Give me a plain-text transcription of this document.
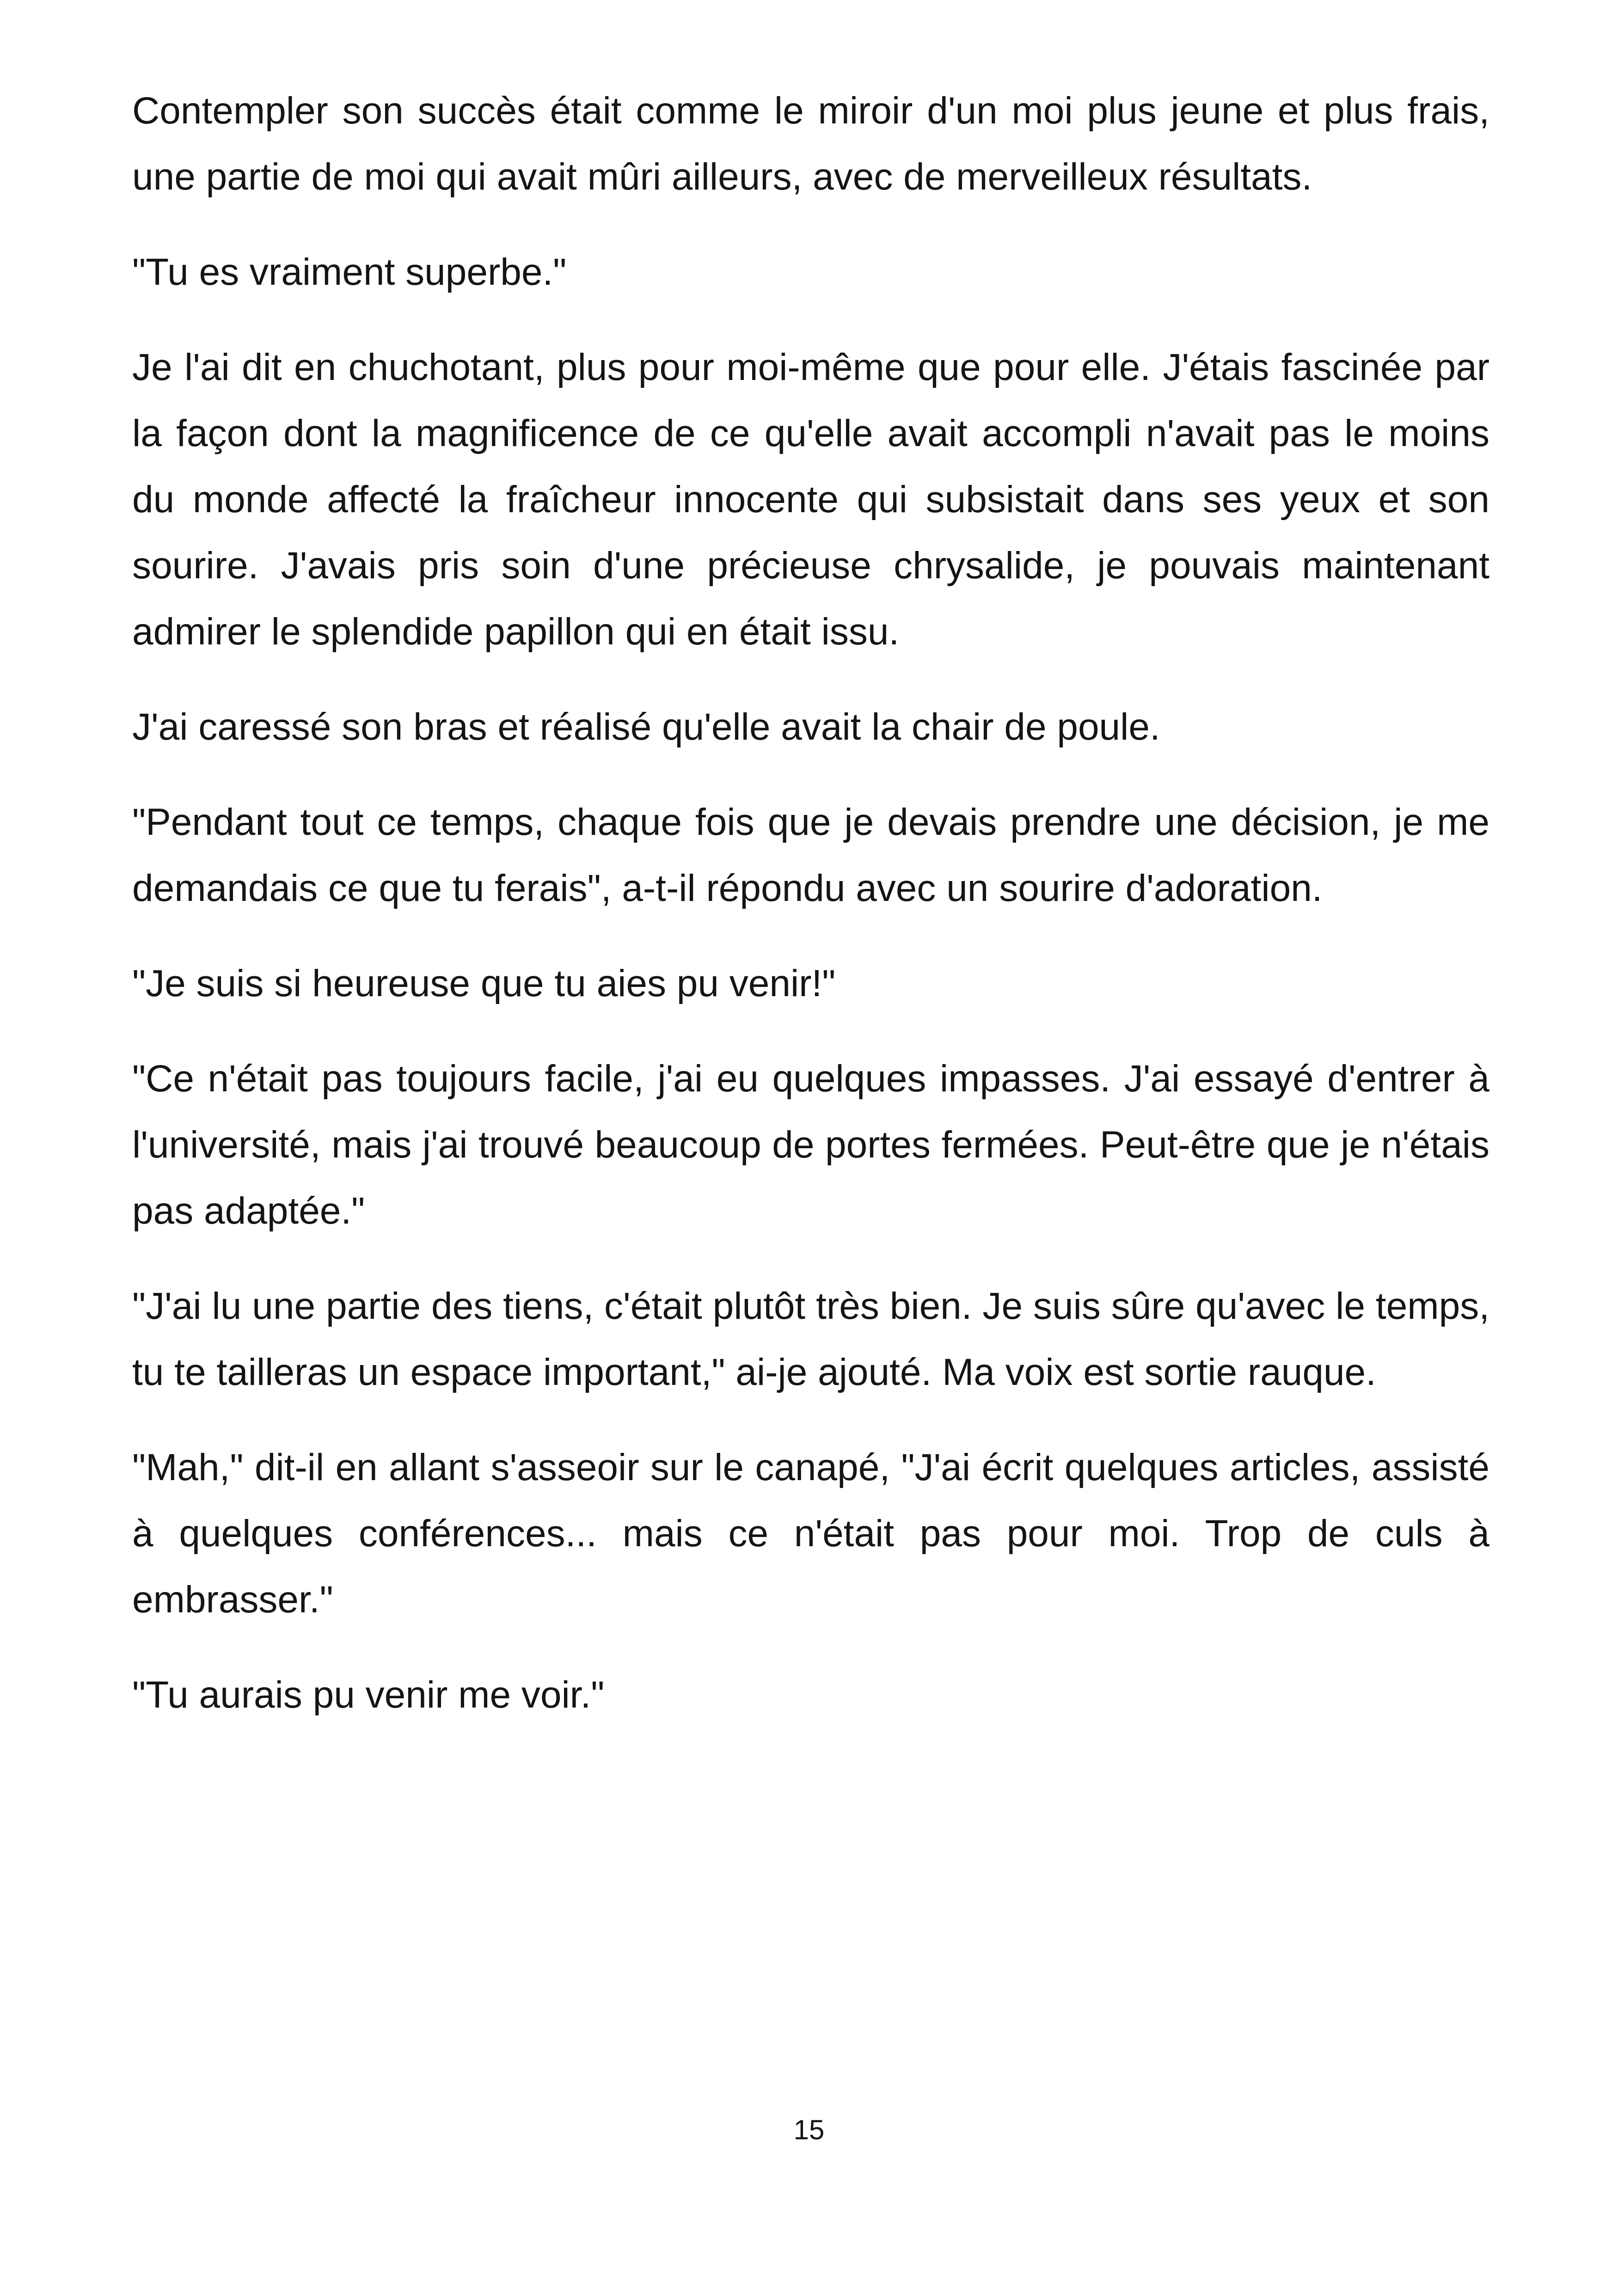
Contempler son succès était comme le miroir d'un moi plus jeune et plus frais, une partie de moi qui avait mûri ailleurs, avec de merveilleux résultats.

"Tu es vraiment superbe."

Je l'ai dit en chuchotant, plus pour moi-même que pour elle. J'étais fascinée par la façon dont la magnificence de ce qu'elle avait accompli n'avait pas le moins du monde affecté la fraîcheur innocente qui subsistait dans ses yeux et son sourire. J'avais pris soin d'une précieuse chrysalide, je pouvais maintenant admirer le splendide papillon qui en était issu.

J'ai caressé son bras et réalisé qu'elle avait la chair de poule.

"Pendant tout ce temps, chaque fois que je devais prendre une décision, je me demandais ce que tu ferais", a-t-il répondu avec un sourire d'adoration.

"Je suis si heureuse que tu aies pu venir!"

"Ce n'était pas toujours facile, j'ai eu quelques impasses. J'ai essayé d'entrer à l'université, mais j'ai trouvé beaucoup de portes fermées. Peut-être que je n'étais pas adaptée."

"J'ai lu une partie des tiens, c'était plutôt très bien. Je suis sûre qu'avec le temps, tu te tailleras un espace important," ai-je ajouté. Ma voix est sortie rauque.

"Mah," dit-il en allant s'asseoir sur le canapé, "J'ai écrit quelques articles, assisté à quelques conférences... mais ce n'était pas pour moi. Trop de culs à embrasser."

"Tu aurais pu venir me voir."

15
